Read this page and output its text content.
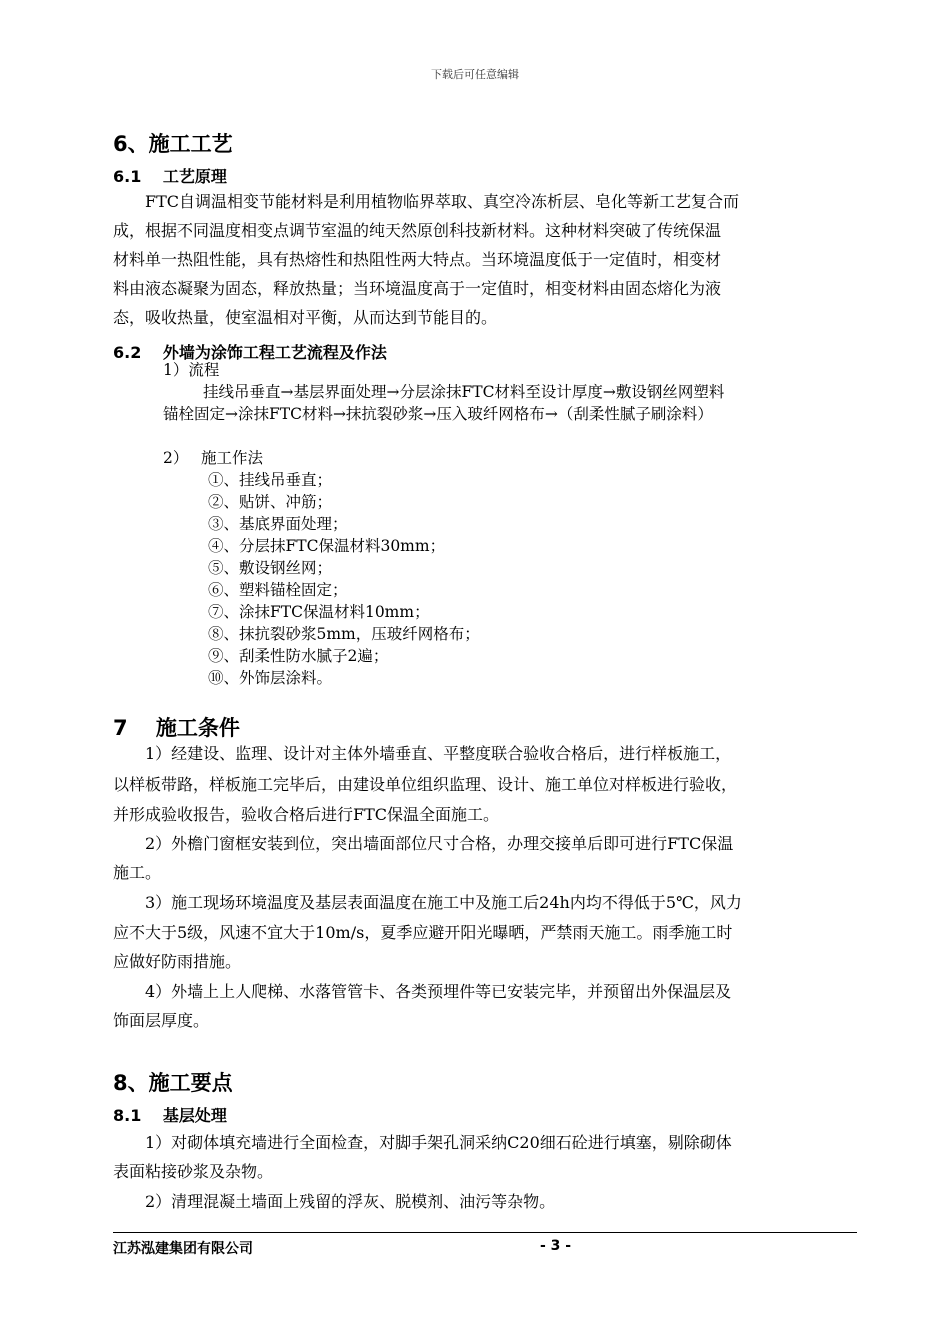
下载后可任意编辑
6、施工工艺
6.1　 工艺原理
FTC自调温相变节能材料是利用植物临界萃取、真空冷冻析层、皂化等新工艺复合而
成，根据不同温度相变点调节室温的纯天然原创科技新材料。这种材料突破了传统保温
材料单一热阻性能，具有热熔性和热阻性两大特点。当环境温度低于一定值时，相变材
料由液态凝聚为固态，释放热量；当环境温度高于一定值时，相变材料由固态熔化为液
态，吸收热量，使室温相对平衡，从而达到节能目的。
6.2　 外墙为涂饰工程工艺流程及作法
1）流程
挂线吊垂直→基层界面处理→分层涂抹FTC材料至设计厚度→敷设钢丝网塑料
锚栓固定→涂抹FTC材料→抹抗裂砂浆→压入玻纤网格布→（刮柔性腻子刷涂料）
2）　 施工作法
①、挂线吊垂直；
②、贴饼、冲筋；
③、基底界面处理；
④、分层抹FTC保温材料30mm；
⑤、敷设钢丝网；
⑥、塑料锚栓固定；
⑦、涂抹FTC保温材料10mm；
⑧、抹抗裂砂浆5mm，压玻纤网格布；
⑨、刮柔性防水腻子2遍；
⑩、外饰层涂料。
7　 施工条件
1）经建设、监理、设计对主体外墙垂直、平整度联合验收合格后，进行样板施工，
以样板带路，样板施工完毕后，由建设单位组织监理、设计、施工单位对样板进行验收，
并形成验收报告，验收合格后进行FTC保温全面施工。
2）外檐门窗框安装到位，突出墙面部位尺寸合格，办理交接单后即可进行FTC保温
施工。
3）施工现场环境温度及基层表面温度在施工中及施工后24h内均不得低于5℃，风力
应不大于5级，风速不宜大于10m/s，夏季应避开阳光曝晒，严禁雨天施工。雨季施工时
应做好防雨措施。
4）外墙上上人爬梯、水落管管卡、各类预埋件等已安装完毕，并预留出外保温层及
饰面层厚度。
8、施工要点
8.1　 基层处理
1）对砌体填充墙进行全面检查，对脚手架孔洞采纳C20细石砼进行填塞，剔除砌体
表面粘接砂浆及杂物。
2）清理混凝土墙面上残留的浮灰、脱模剂、油污等杂物。
江苏泓建集团有限公司	- 3 -
